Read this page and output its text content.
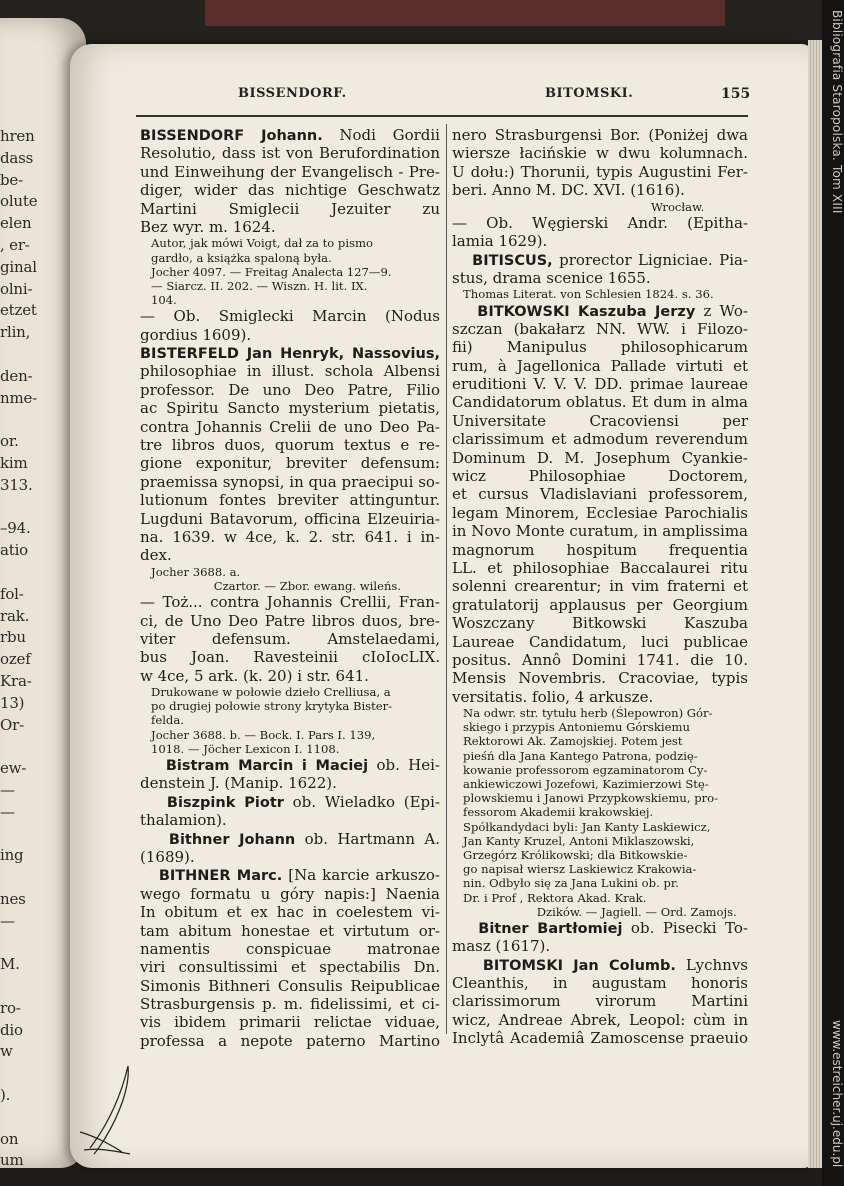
hren
dass
be-
olute
elen
, er-
ginal
olni-
etzet
rlin,
den-
nme-
or.
kim
313.
–94.
atio
fol-
rak.
rbu
ozef
Kra-
13)
Or-
ew-
—
—
ing
nes
—
M.
ro-
dio
w
).
on
um
Bibliografia Staropolska. Tom XIII
www.estreicher.uj.edu.pl
BISSENDORF.	BITOMSKI.	155
BISSENDORF Johann. Nodi Gordii
Resolutio, dass ist von Berufordination
und Einweihung der Evangelisch - Pre-
diger, wider das nichtige Geschwatz
Martini Smiglecii Jezuiter zu
Bez wyr. m. 1624.
Autor, jak mówi Voigt, dał za to pismo
gardło, a książka spaloną była.
Jocher 4097. — Freitag Analecta 127—9.
— Siarcz. II. 202. — Wiszn. H. lit. IX.
104.
— Ob. Smiglecki Marcin (Nodus
gordius 1609).
BISTERFELD Jan Henryk, Nassovius,
philosophiae in illust. schola Albensi
professor. De uno Deo Patre, Filio
ac Spiritu Sancto mysterium pietatis,
contra Johannis Crelii de uno Deo Pa-
tre libros duos, quorum textus e re-
gione exponitur, breviter defensum:
praemissa synopsi, in qua praecipui so-
lutionum fontes breviter attinguntur.
Lugduni Batavorum, officina Elzeuiria-
na. 1639. w 4ce, k. 2. str. 641. i in-
dex.
Jocher 3688. a.
Czartor. — Zbor. ewang. wileńs.
— Toż... contra Johannis Crellii, Fran-
ci, de Uno Deo Patre libros duos, bre-
viter defensum. Amstelaedami,
bus Joan. Ravesteinii cIoIocLIX.
w 4ce, 5 ark. (k. 20) i str. 641.
Drukowane w połowie dzieło Crelliusa, a
po drugiej połowie strony krytyka Bister-
felda.
Jocher 3688. b. — Bock. I. Pars I. 139,
1018. — Jöcher Lexicon I. 1108.
Bistram Marcin i Maciej ob. Hei-
denstein J. (Manip. 1622).
Biszpink Piotr ob. Wieladko (Epi-
thalamion).
Bithner Johann ob. Hartmann A.
(1689).
BITHNER Marc. [Na karcie arkuszo-
wego formatu u góry napis:] Naenia
In obitum et ex hac in coelestem vi-
tam abitum honestae et virtutum or-
namentis conspicuae matronae
viri consultissimi et spectabilis Dn.
Simonis Bithneri Consulis Reipublicae
Strasburgensis p. m. fidelissimi, et ci-
vis ibidem primarii relictae viduae,
professa a nepote paterno Martino
nero Strasburgensi Bor. (Poniżej dwa
wiersze łacińskie w dwu kolumnach.
U dołu:) Thorunii, typis Augustini Fer-
beri. Anno M. DC. XVI. (1616).
Wrocław.
— Ob. Węgierski Andr. (Epitha-
lamia 1629).
BITISCUS, prorector Ligniciae. Pia-
stus, drama scenice 1655.
Thomas Literat. von Schlesien 1824. s. 36.
BITKOWSKI Kaszuba Jerzy z Wo-
szczan (bakałarz NN. WW. i Filozo-
fii) Manipulus philosophicarum
rum, à Jagellonica Pallade virtuti et
eruditioni V. V. V. DD. primae laureae
Candidatorum oblatus. Et dum in alma
Universitate Cracoviensi per
clarissimum et admodum reverendum
Dominum D. M. Josephum Cyankie-
wicz Philosophiae Doctorem,
et cursus Vladislaviani professorem,
legam Minorem, Ecclesiae Parochialis
in Novo Monte curatum, in amplissima
magnorum hospitum frequentia
LL. et philosophiae Baccalaurei ritu
solenni crearentur; in vim fraterni et
gratulatorij applausus per Georgium
Woszczany Bitkowski Kaszuba
Laureae Candidatum, luci publicae
positus. Annô Domini 1741. die 10.
Mensis Novembris. Cracoviae, typis
versitatis. folio, 4 arkusze.
Na odwr. str. tytułu herb (Ślepowron) Gór-
skiego i przypis Antoniemu Górskiemu
Rektorowi Ak. Zamojskiej. Potem jest
pieśń dla Jana Kantego Patrona, podzię-
kowanie professorom egzaminatorom Cy-
ankiewiczowi Jozefowi, Kazimierzowi Stę-
plowskiemu i Janowi Przypkowskiemu, pro-
fessorom Akademii krakowskiej.
Spółkandydaci byli: Jan Kanty Laskiewicz,
Jan Kanty Kruzel, Antoni Miklaszowski,
Grzegórz Królikowski; dla Bitkowskie-
go napisał wiersz Laskiewicz Krakowia-
nin. Odbyło się za Jana Lukini ob. pr.
Dr. i Prof , Rektora Akad. Krak.
Dzików. — Jagiell. — Ord. Zamojs.
Bitner Bartłomiej ob. Pisecki To-
masz (1617).
BITOMSKI Jan Columb. Lychnvs
Cleanthis, in augustam honoris
clarissimorum virorum Martini
wicz, Andreae Abrek, Leopol: cùm in
Inclytâ Academiâ Zamoscense praeuio
